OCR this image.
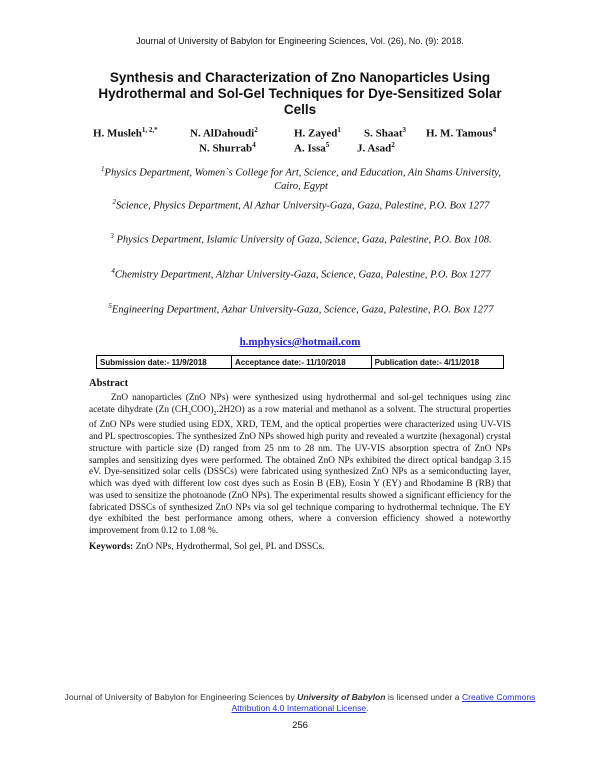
Journal of University of Babylon for Engineering Sciences, Vol. (26), No. (9): 2018.
Synthesis and Characterization of Zno Nanoparticles Using
Hydrothermal and Sol-Gel Techniques for Dye-Sensitized Solar
Cells
H. Musleh$^{1, 2,*}$	N. AlDahoudi$^2$	H. Zayed$^1$ S. Shaat$^3$ H. M. Tamous$^4$
N. Shurrab$^4$	A. Issa$^5$	J. Asad$^2$
$^1$Physics Department, Women`s College for Art, Science, and Education, Ain Shams University, Cairo, Egypt
$^2$Science, Physics Department, Al Azhar University-Gaza, Gaza, Palestine, P.O. Box 1277
$^3$ Physics Department, Islamic University of Gaza, Science, Gaza, Palestine, P.O. Box 108.
$^4$Chemistry Department, Alzhar University-Gaza, Science, Gaza, Palestine, P.O. Box 1277
$^5$Engineering Department, Azhar University-Gaza, Science, Gaza, Palestine, P.O. Box 1277
h.mphysics@hotmail.com
Submission date:- 11/9/2018	Acceptance date:- 11/10/2018	Publication date:- 4/11/2018
Abstract

ZnO nanoparticles (ZnO NPs) were synthesized using hydrothermal and sol-gel techniques using zinc acetate dihydrate (Zn $(CH_3COO)_2.2H2O$) as a row material and methanol as a solvent. The structural properties of ZnO NPs were studied using EDX, XRD, TEM, and the optical properties were characterized using UV-VIS and PL spectroscopies. The synthesized ZnO NPs showed high purity and revealed a wurtzite (hexagonal) crystal structure with particle size (D) ranged from 25 nm to 28 nm. The UV-VIS absorption spectra of ZnO NPs samples and sensitizing dyes were performed. The obtained ZnO NPs exhibited the direct optical bandgap 3.15 eV. Dye-sensitized solar cells (DSSCs) were fabricated using synthesized ZnO NPs as a semiconducting layer, which was dyed with different low cost dyes such as Eosin B (EB), Eosin Y (EY) and Rhodamine B (RB) that was used to sensitize the photoanode (ZnO NPs). The experimental results showed a significant efficiency for the fabricated DSSCs of synthesized ZnO NPs via sol gel technique comparing to hydrothermal technique. The EY dye exhibited the best performance among others, where a conversion efficiency showed a noteworthy improvement from 0.12 to 1.08 %.

Keywords: ZnO NPs, Hydrothermal, Sol gel, PL and DSSCs.
Journal of University of Babylon for Engineering Sciences by University of Babylon is licensed under a Creative Commons Attribution 4.0 International License.
256
